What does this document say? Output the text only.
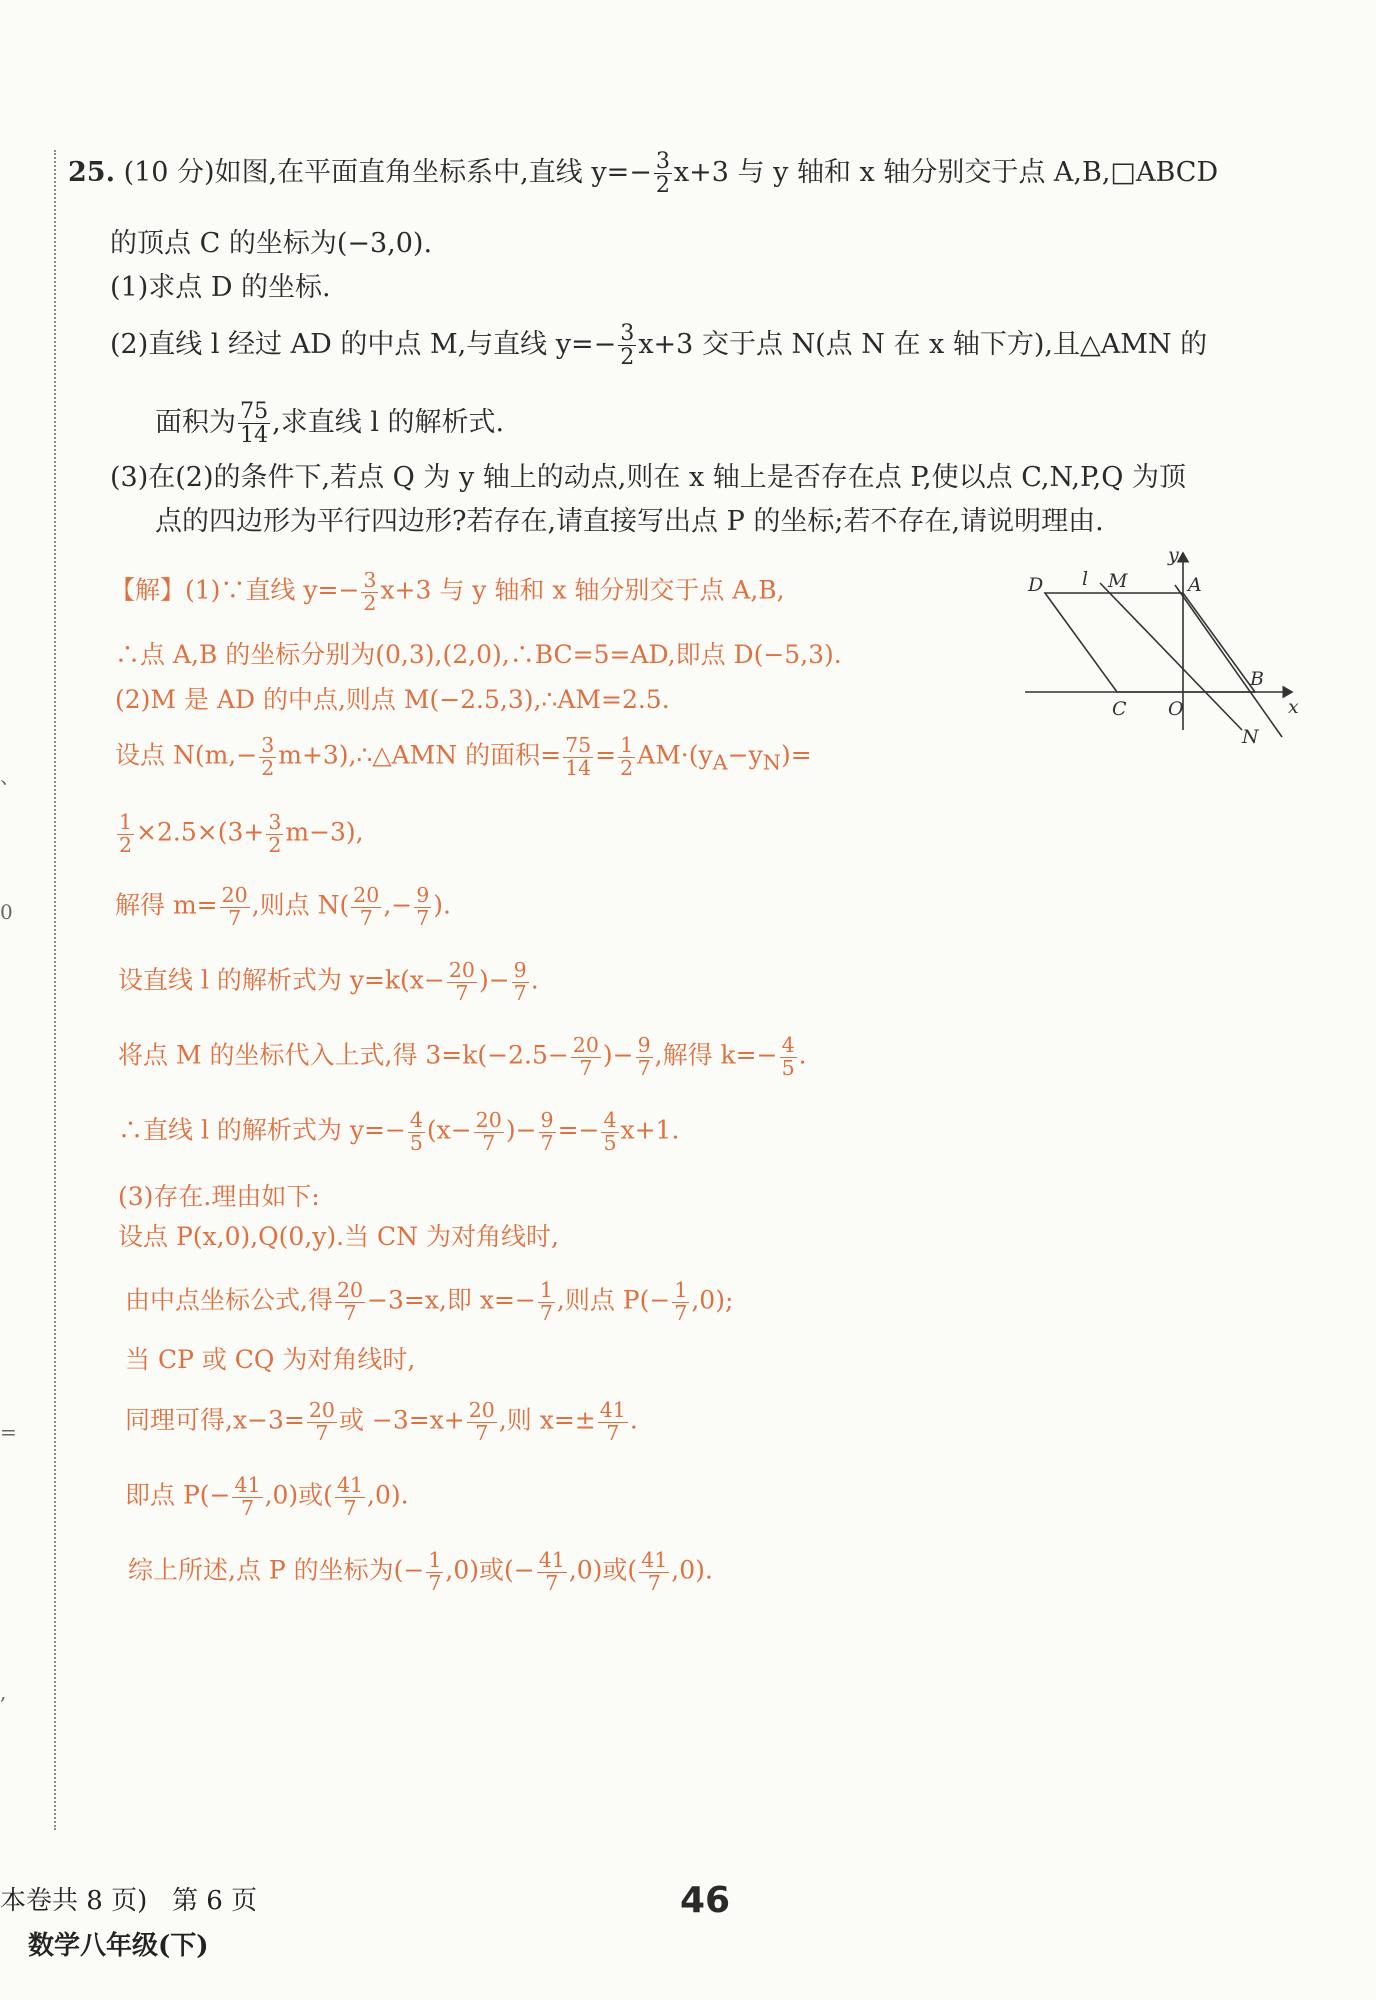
、
0
=
,
25. (10 分)如图,在平面直角坐标系中,直线 $y=- \frac{3}{2} x+3$ 与 y 轴和 x 轴分别交于点 A,B,□ABCD
的顶点 C 的坐标为(−3,0).
(1)求点 D 的坐标.
(2)直线 l 经过 AD 的中点 M,与直线 $y=- \frac{3}{2} x+3$ 交于点 N(点 N 在 x 轴下方),且△AMN 的
面积为 $\frac{75}{14}$ ,求直线 l 的解析式.
(3)在(2)的条件下,若点 Q 为 y 轴上的动点,则在 x 轴上是否存在点 P,使以点 C,N,P,Q 为顶
点的四边形为平行四边形?若存在,请直接写出点 P 的坐标;若不存在,请说明理由.
D l M	A
y
B
x
C O
N
【解】(1)∵直线 $y=- \frac{3}{2} x+3$ 与 y 轴和 x 轴分别交于点 A,B,
∴点 A,B 的坐标分别为(0,3),(2,0),∴BC=5=AD,即点 D(−5,3).
(2)M 是 AD 的中点,则点 M(−2.5,3),∴AM=2.5.
设点 $N(m,- \frac{3}{2}$ m+3),∴△AMN 的面积= $\frac{75}{14} = \frac{1}{2} AM\cdot(y_A-y_N)=$
$\frac{1}{2} \times 2.5\times(3+ \frac{3}{2} m-3)$,
解得 $m= \frac{20}{7}$ ,则点 $N( \frac{20}{7}$ ,− $\frac{9}{7}$ ).
设直线 l 的解析式为 $y=k(x- \frac{20}{7}$ )− $\frac{9}{7}$ .
将点 M 的坐标代入上式,得 $3=k(-2.5- \frac{20}{7}$ )− $\frac{9}{7}$ ,解得 $k=- \frac{4}{5}$ .
∴直线 l 的解析式为 $y=- \frac{4}{5} (x- \frac{20}{7}$ )− $\frac{9}{7} =- \frac{4}{5} x+1$.
(3)存在.理由如下:
设点 P(x,0),Q(0,y).当 CN 为对角线时,
由中点坐标公式,得 $\frac{20}{7} -3=x$,即 $x=- \frac{1}{7}$ ,则点 $P(- \frac{1}{7} ,0)$;
当 CP 或 CQ 为对角线时,
同理可得$,x-3= \frac{20}{7}$ 或 $-3=x+ \frac{20}{7}$ ,则 $x=\pm \frac{41}{7}$ .
即点 $P(- \frac{41}{7} ,0)$或( $\frac{41}{7} ,0$).
综上所述,点 P 的坐标为(− $\frac{1}{7} ,0$)或(− $\frac{41}{7} ,0$)或( $\frac{41}{7} ,0$).
本卷共 8 页) 第 6 页
数学八年级(下)
46
